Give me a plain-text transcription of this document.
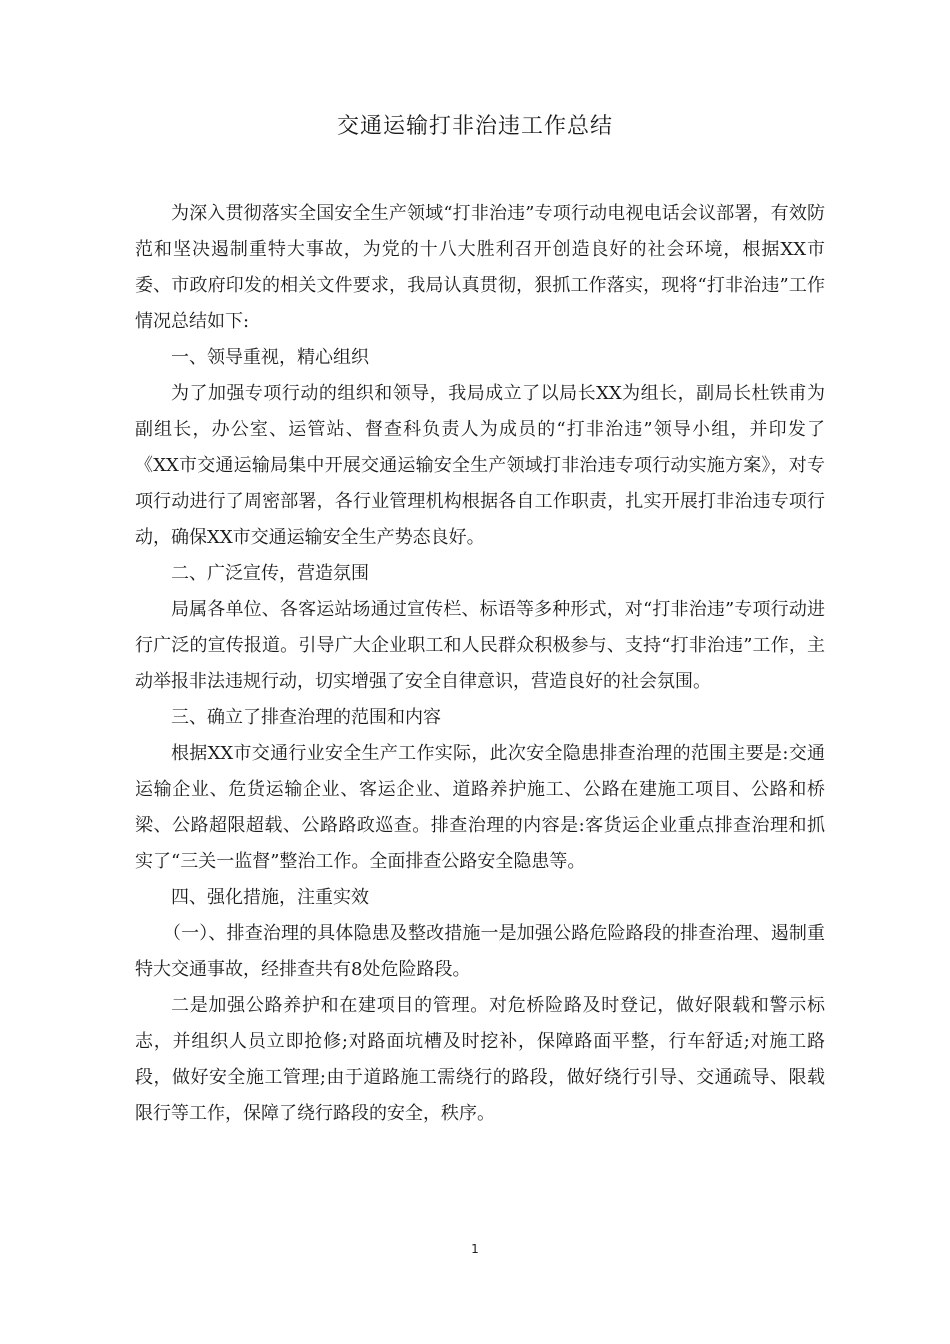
交通运输打非治违工作总结

为深入贯彻落实全国安全生产领域“打非治违”专项行动电视电话会议部署，有效防范和坚决遏制重特大事故，为党的十八大胜利召开创造良好的社会环境，根据XX市委、市政府印发的相关文件要求，我局认真贯彻，狠抓工作落实，现将“打非治违”工作情况总结如下:

一、领导重视，精心组织

为了加强专项行动的组织和领导，我局成立了以局长XX为组长，副局长杜铁甫为副组长，办公室、运管站、督查科负责人为成员的“打非治违”领导小组，并印发了《XX市交通运输局集中开展交通运输安全生产领域打非治违专项行动实施方案》，对专项行动进行了周密部署，各行业管理机构根据各自工作职责，扎实开展打非治违专项行动，确保XX市交通运输安全生产势态良好。

二、广泛宣传，营造氛围

局属各单位、各客运站场通过宣传栏、标语等多种形式，对“打非治违”专项行动进行广泛的宣传报道。引导广大企业职工和人民群众积极参与、支持“打非治违”工作，主动举报非法违规行动，切实增强了安全自律意识，营造良好的社会氛围。

三、确立了排查治理的范围和内容

根据XX市交通行业安全生产工作实际，此次安全隐患排查治理的范围主要是:交通运输企业、危货运输企业、客运企业、道路养护施工、公路在建施工项目、公路和桥梁、公路超限超载、公路路政巡查。排查治理的内容是:客货运企业重点排查治理和抓实了“三关一监督”整治工作。全面排查公路安全隐患等。

四、强化措施，注重实效

（一）、排查治理的具体隐患及整改措施一是加强公路危险路段的排查治理、遏制重特大交通事故，经排查共有8处危险路段。

二是加强公路养护和在建项目的管理。对危桥险路及时登记，做好限载和警示标志，并组织人员立即抢修;对路面坑槽及时挖补，保障路面平整，行车舒适;对施工路段，做好安全施工管理;由于道路施工需绕行的路段，做好绕行引导、交通疏导、限载限行等工作，保障了绕行路段的安全，秩序。

1
